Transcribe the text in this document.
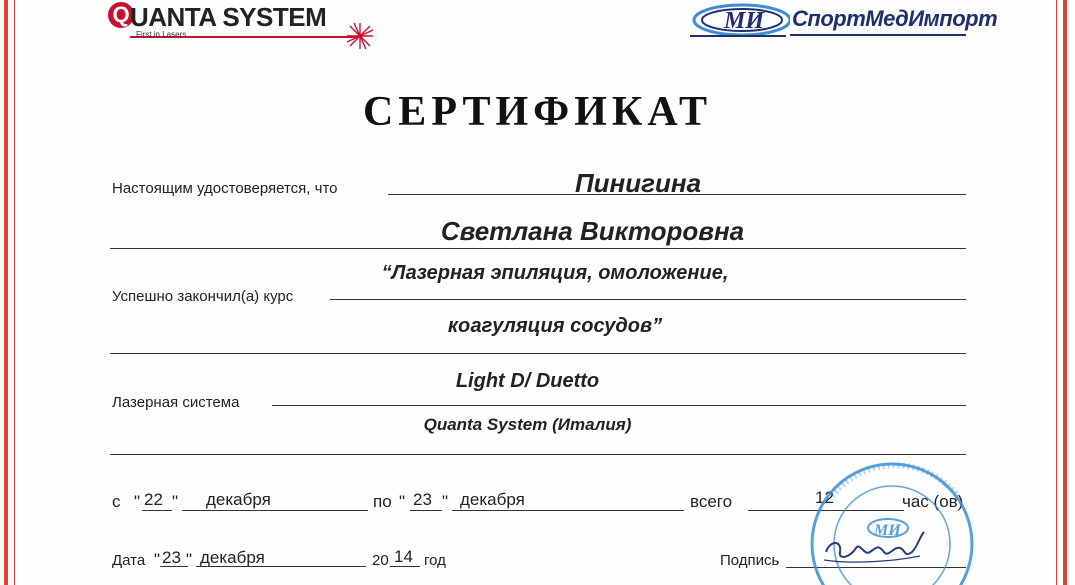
Q UANTA SYSTEM
First in Lasers
МИ СпортМедИмпорт
СЕРТИФИКАТ
Настоящим удостоверяется, что	Пинигина
Светлана Викторовна
“Лазерная эпиляция, омоложение,
Успешно закончил(а) курс
коагуляция сосудов”
Light D/ Duetto
Лазерная система
Quanta System (Италия)
с " 22 " декабря	по " 23 " декабря	всего	12	час (ов)
Дата " 23 " декабря	20 14 год	Подпись
МИ
